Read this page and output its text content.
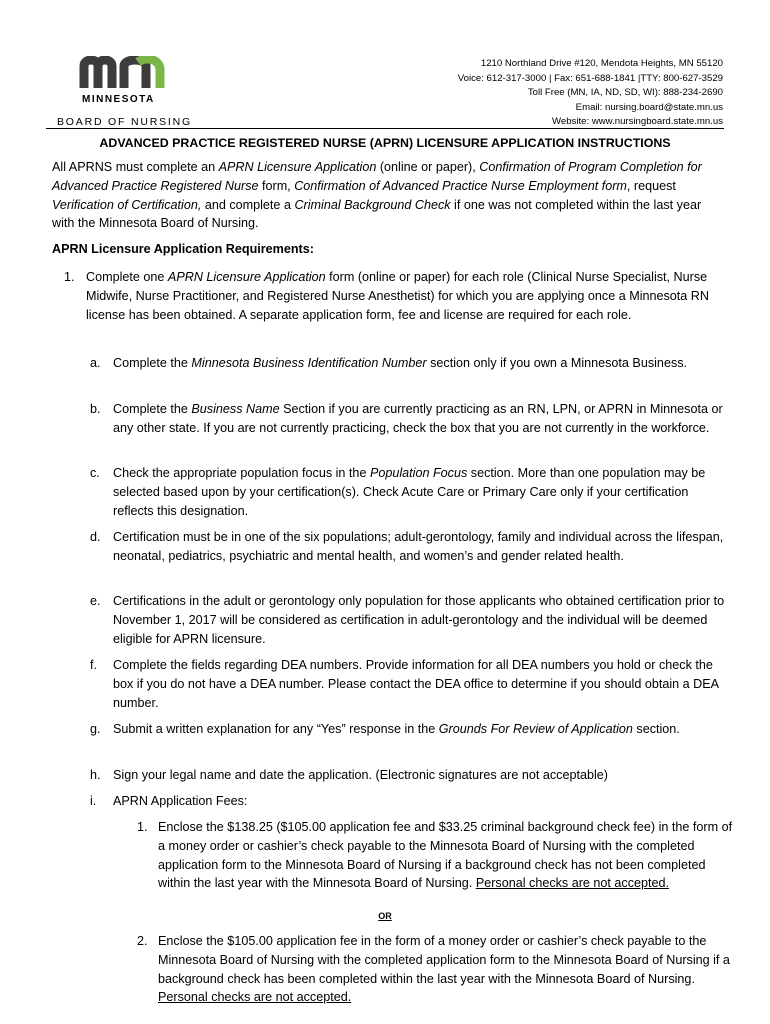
MINNESOTA
BOARD OF NURSING
1210 Northland Drive #120, Mendota Heights, MN 55120
Voice: 612-317-3000 | Fax: 651-688-1841 |TTY: 800-627-3529
Toll Free (MN, IA, ND, SD, WI): 888-234-2690
Email: nursing.board@state.mn.us
Website: www.nursingboard.state.mn.us
ADVANCED PRACTICE REGISTERED NURSE (APRN) LICENSURE APPLICATION INSTRUCTIONS

All APRNS must complete an APRN Licensure Application (online or paper), Confirmation of Program Completion for Advanced Practice Registered Nurse form, Confirmation of Advanced Practice Nurse Employment form, request Verification of Certification, and complete a Criminal Background Check if one was not completed within the last year with the Minnesota Board of Nursing.

APRN Licensure Application Requirements:
1. Complete one APRN Licensure Application form (online or paper) for each role (Clinical Nurse Specialist, Nurse Midwife, Nurse Practitioner, and Registered Nurse Anesthetist) for which you are applying once a Minnesota RN license has been obtained. A separate application form, fee and license are required for each role.
a. Complete the Minnesota Business Identification Number section only if you own a Minnesota Business.
b. Complete the Business Name Section if you are currently practicing as an RN, LPN, or APRN in Minnesota or any other state. If you are not currently practicing, check the box that you are not currently in the workforce.
c. Check the appropriate population focus in the Population Focus section. More than one population may be selected based upon by your certification(s). Check Acute Care or Primary Care only if your certification reflects this designation.
d. Certification must be in one of the six populations; adult-gerontology, family and individual across the lifespan, neonatal, pediatrics, psychiatric and mental health, and women’s and gender related health.
e. Certifications in the adult or gerontology only population for those applicants who obtained certification prior to November 1, 2017 will be considered as certification in adult-gerontology and the individual will be deemed eligible for APRN licensure.
f. Complete the fields regarding DEA numbers. Provide information for all DEA numbers you hold or check the box if you do not have a DEA number. Please contact the DEA office to determine if you should obtain a DEA number.
g. Submit a written explanation for any “Yes” response in the Grounds For Review of Application section.
h. Sign your legal name and date the application. (Electronic signatures are not acceptable)
i. APRN Application Fees:
1. Enclose the $138.25 ($105.00 application fee and $33.25 criminal background check fee) in the form of a money order or cashier’s check payable to the Minnesota Board of Nursing with the completed application form to the Minnesota Board of Nursing if a background check has not been completed within the last year with the Minnesota Board of Nursing. Personal checks are not accepted.
OR
2. Enclose the $105.00 application fee in the form of a money order or cashier’s check payable to the Minnesota Board of Nursing with the completed application form to the Minnesota Board of Nursing if a background check has been completed within the last year with the Minnesota Board of Nursing. Personal checks are not accepted.
